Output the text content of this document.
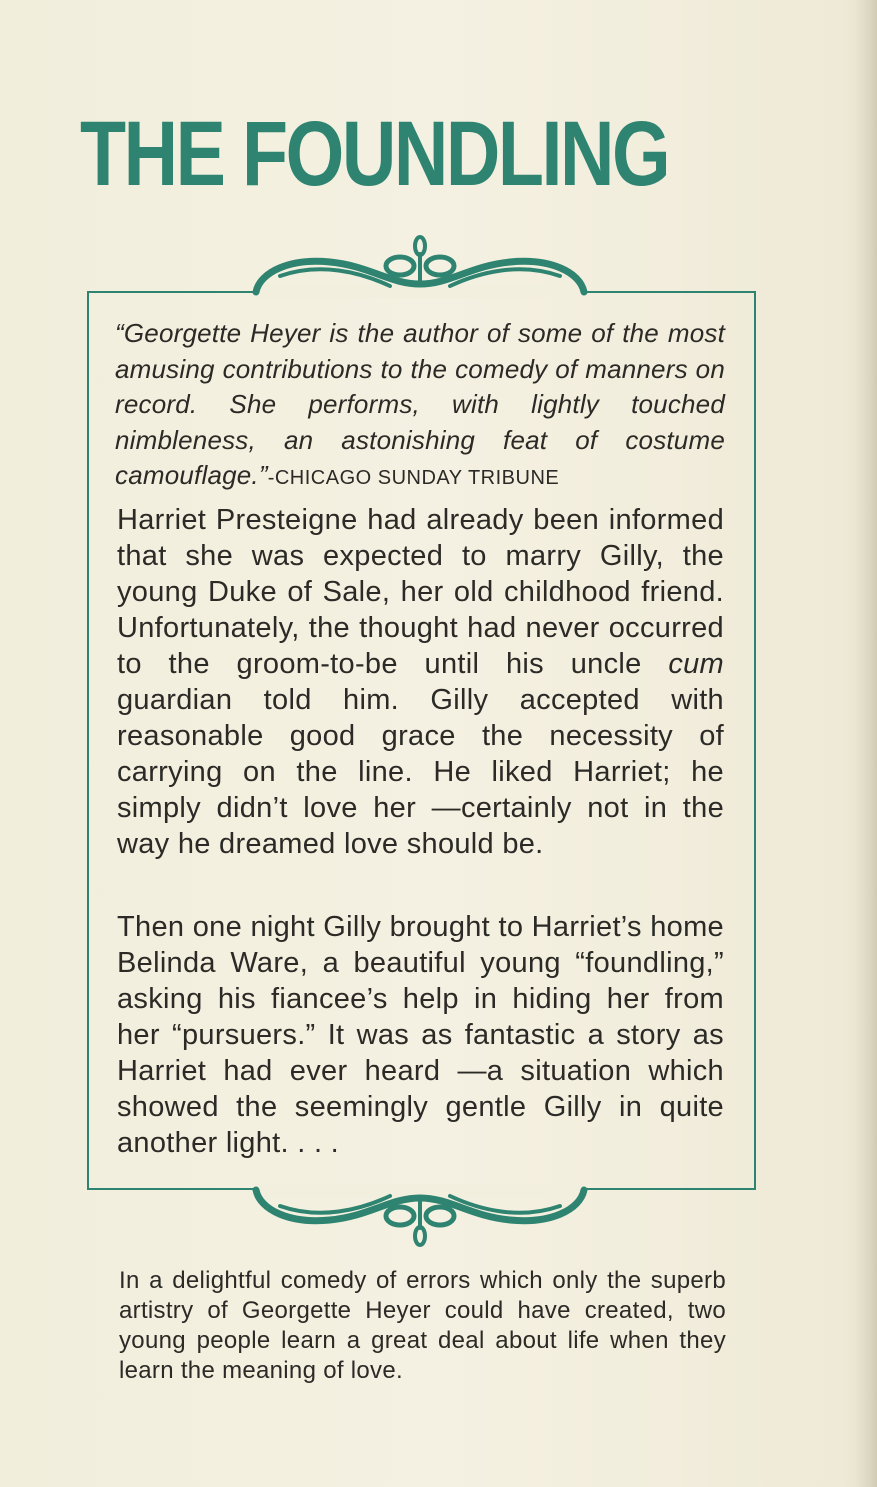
THE FOUNDLING
“Georgette Heyer is the author of some of the most amusing contributions to the comedy of manners on record. She performs, with lightly touched nimbleness, an astonishing feat of costume camouflage.”-CHICAGO SUNDAY TRIBUNE
Harriet Presteigne had already been informed that she was expected to marry Gilly, the young Duke of Sale, her old childhood friend. Unfortunately, the thought had never occurred to the groom-to-be until his uncle cum guardian told him. Gilly accepted with reasonable good grace the necessity of carrying on the line. He liked Harriet; he simply didn’t love her —certainly not in the way he dreamed love should be.
Then one night Gilly brought to Harriet’s home Belinda Ware, a beautiful young “foundling,” asking his fiancee’s help in hiding her from her “pursuers.” It was as fantastic a story as Harriet had ever heard —a situation which showed the seemingly gentle Gilly in quite another light. . . .
In a delightful comedy of errors which only the superb artistry of Georgette Heyer could have created, two young people learn a great deal about life when they learn the meaning of love.
